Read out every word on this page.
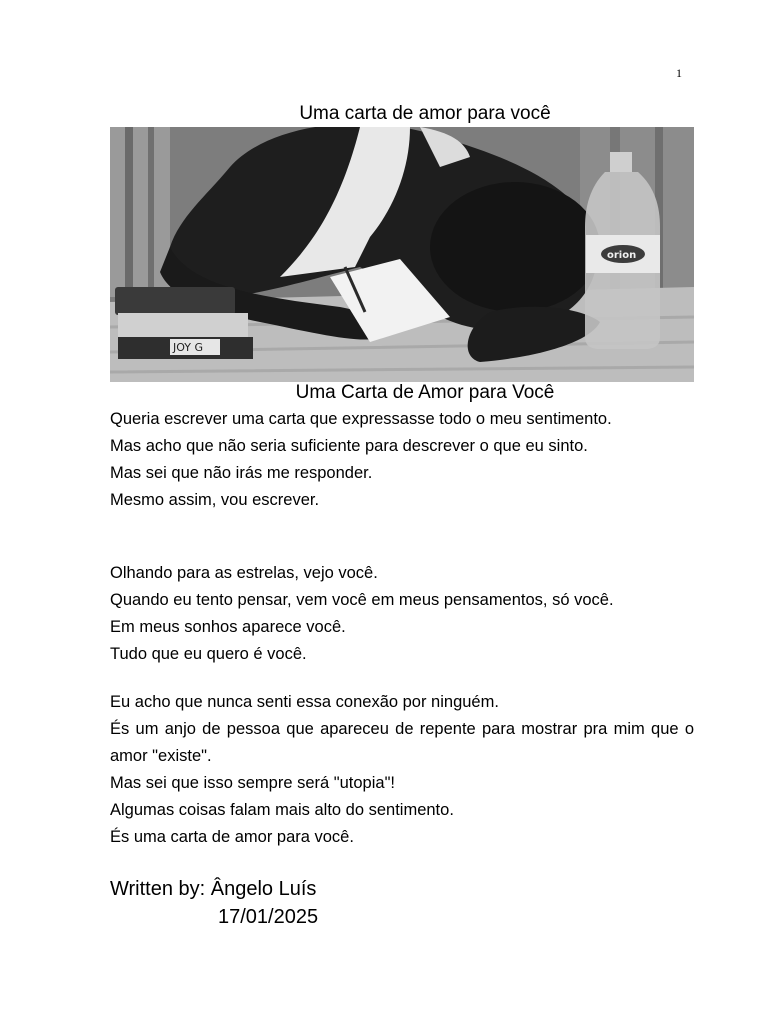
1
Uma carta de amor para você
JOY G
orion
Uma Carta de Amor para Você

Queria escrever uma carta que expressasse todo o meu sentimento.

Mas acho que não seria suficiente para descrever o que eu sinto.

Mas sei que não irás me responder.

Mesmo assim, vou escrever.

Olhando para as estrelas, vejo você.

Quando eu tento pensar, vem você em meus pensamentos, só você.

Em meus sonhos aparece você.

Tudo que eu quero é você.

Eu acho que nunca senti essa conexão por ninguém.

És um anjo de pessoa que apareceu de repente para mostrar pra mim que o amor "existe".

Mas sei que isso sempre será "utopia"!

Algumas coisas falam mais alto do sentimento.

És uma carta de amor para você.

Written by: Ângelo Luís
17/01/2025
